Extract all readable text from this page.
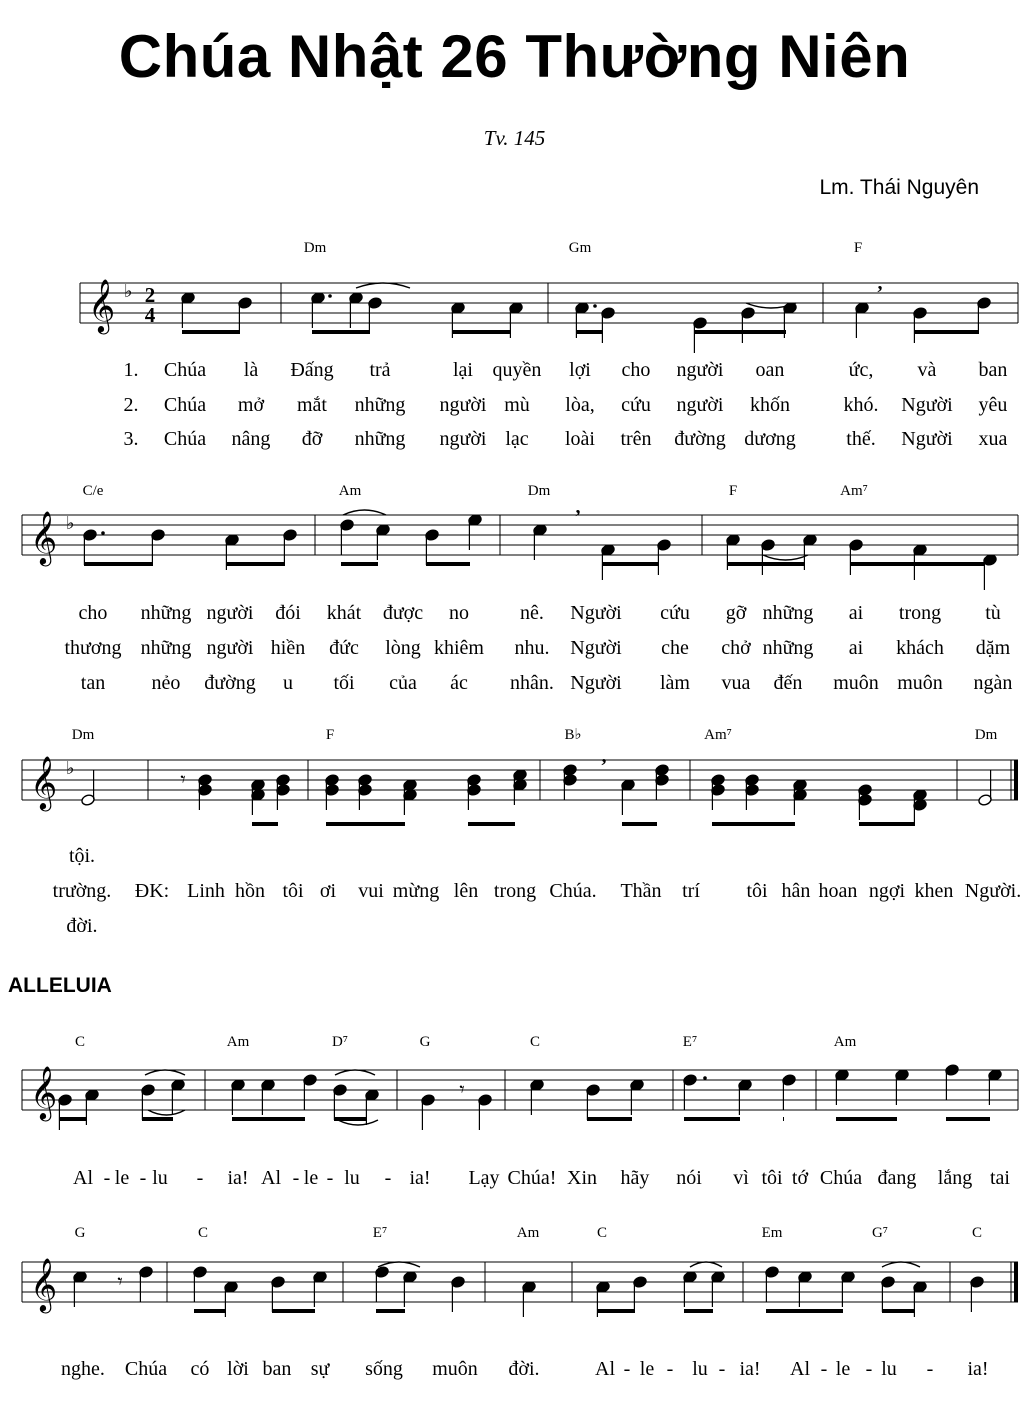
Chúa Nhật 26 Thường Niên
Tv. 145
Lm. Thái Nguyên
ALLELUIA
𝄞 ♭ 2
4
Dm	Gm	F
,
1. Chúa là Đấng trả	lại quyền lợi cho người oan	ức, và ban
2. Chúa mở mắt những người mù lòa, cứu người khốn	khó. Người yêu
3. Chúa nâng đỡ những người lạc loài trên đường dương	thế. Người xua
𝄞 ♭
C/e	Am	Dm	F	Am⁷
,
cho những người đói khát được no	nê. Người cứu gỡ những ai trong tù
thương những người hiền đức lòng khiêm nhu. Người che chở những ai khách dặm
tan nẻo đường u tối của ác nhân. Người làm vua đến muôn muôn ngàn
𝄞 ♭
Dm	F	B♭	Am⁷	Dm
𝄾
,
tội.
trường. ĐK: Linh hồn tôi ơi vui mừng lên trong Chúa. Thần trí tôi hân hoan ngợi khen Người.
đời.
𝄞
C	Am	D⁷	G	C	E⁷	Am
𝄾
Al - le - lu - ia! Al - le - lu - ia! Lạy Chúa! Xin hãy nói vì tôi tớ Chúa đang lắng tai
𝄞
G	C	E⁷	Am	C	Em	G⁷	C
𝄾
nghe. Chúa có lời ban sự sống muôn đời.	Al - le - lu - ia! Al - le - lu - ia!
